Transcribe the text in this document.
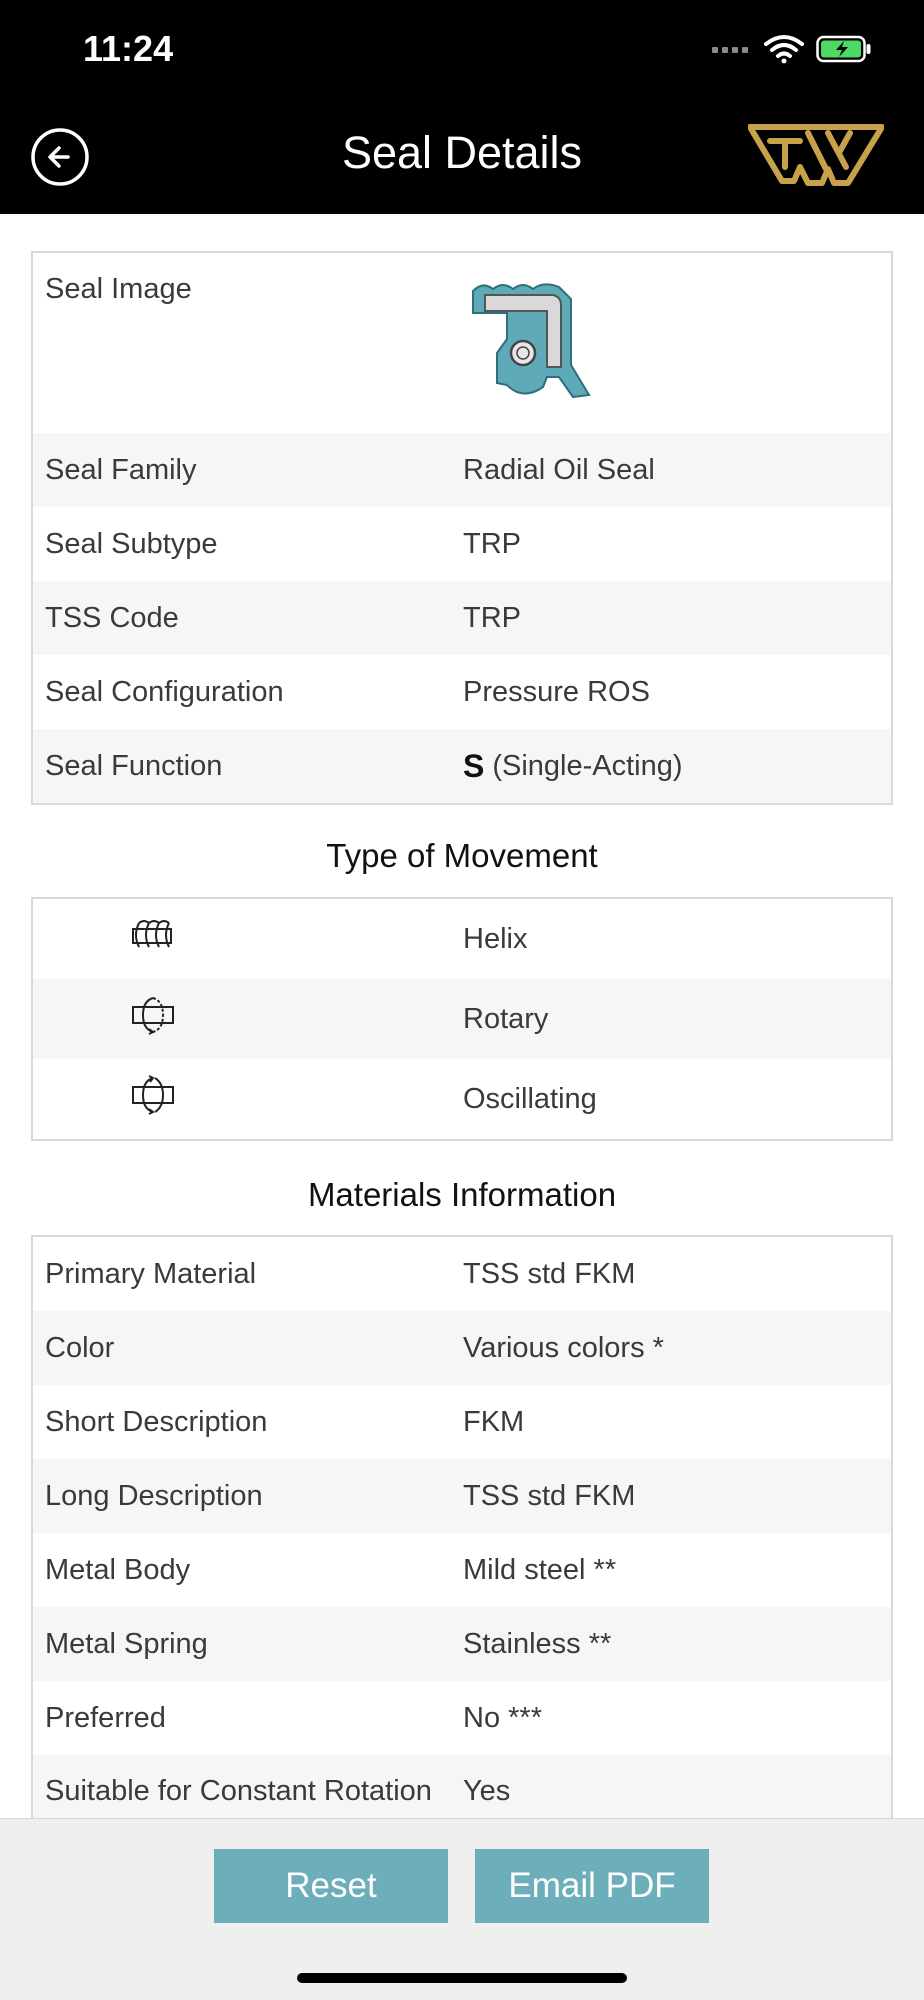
11:24
Seal Details
Seal Image
Seal Family	Radial Oil Seal
Seal Subtype	TRP
TSS Code	TRP
Seal Configuration	Pressure ROS
Seal Function	S (Single-Acting)
Type of Movement
Helix
Rotary
Oscillating
Materials Information
Primary Material	TSS std FKM
Color	Various colors *
Short Description	FKM
Long Description	TSS std FKM
Metal Body	Mild steel **
Metal Spring	Stainless **
Preferred	No ***
Suitable for Constant Rotation	Yes
Reset	Email PDF
